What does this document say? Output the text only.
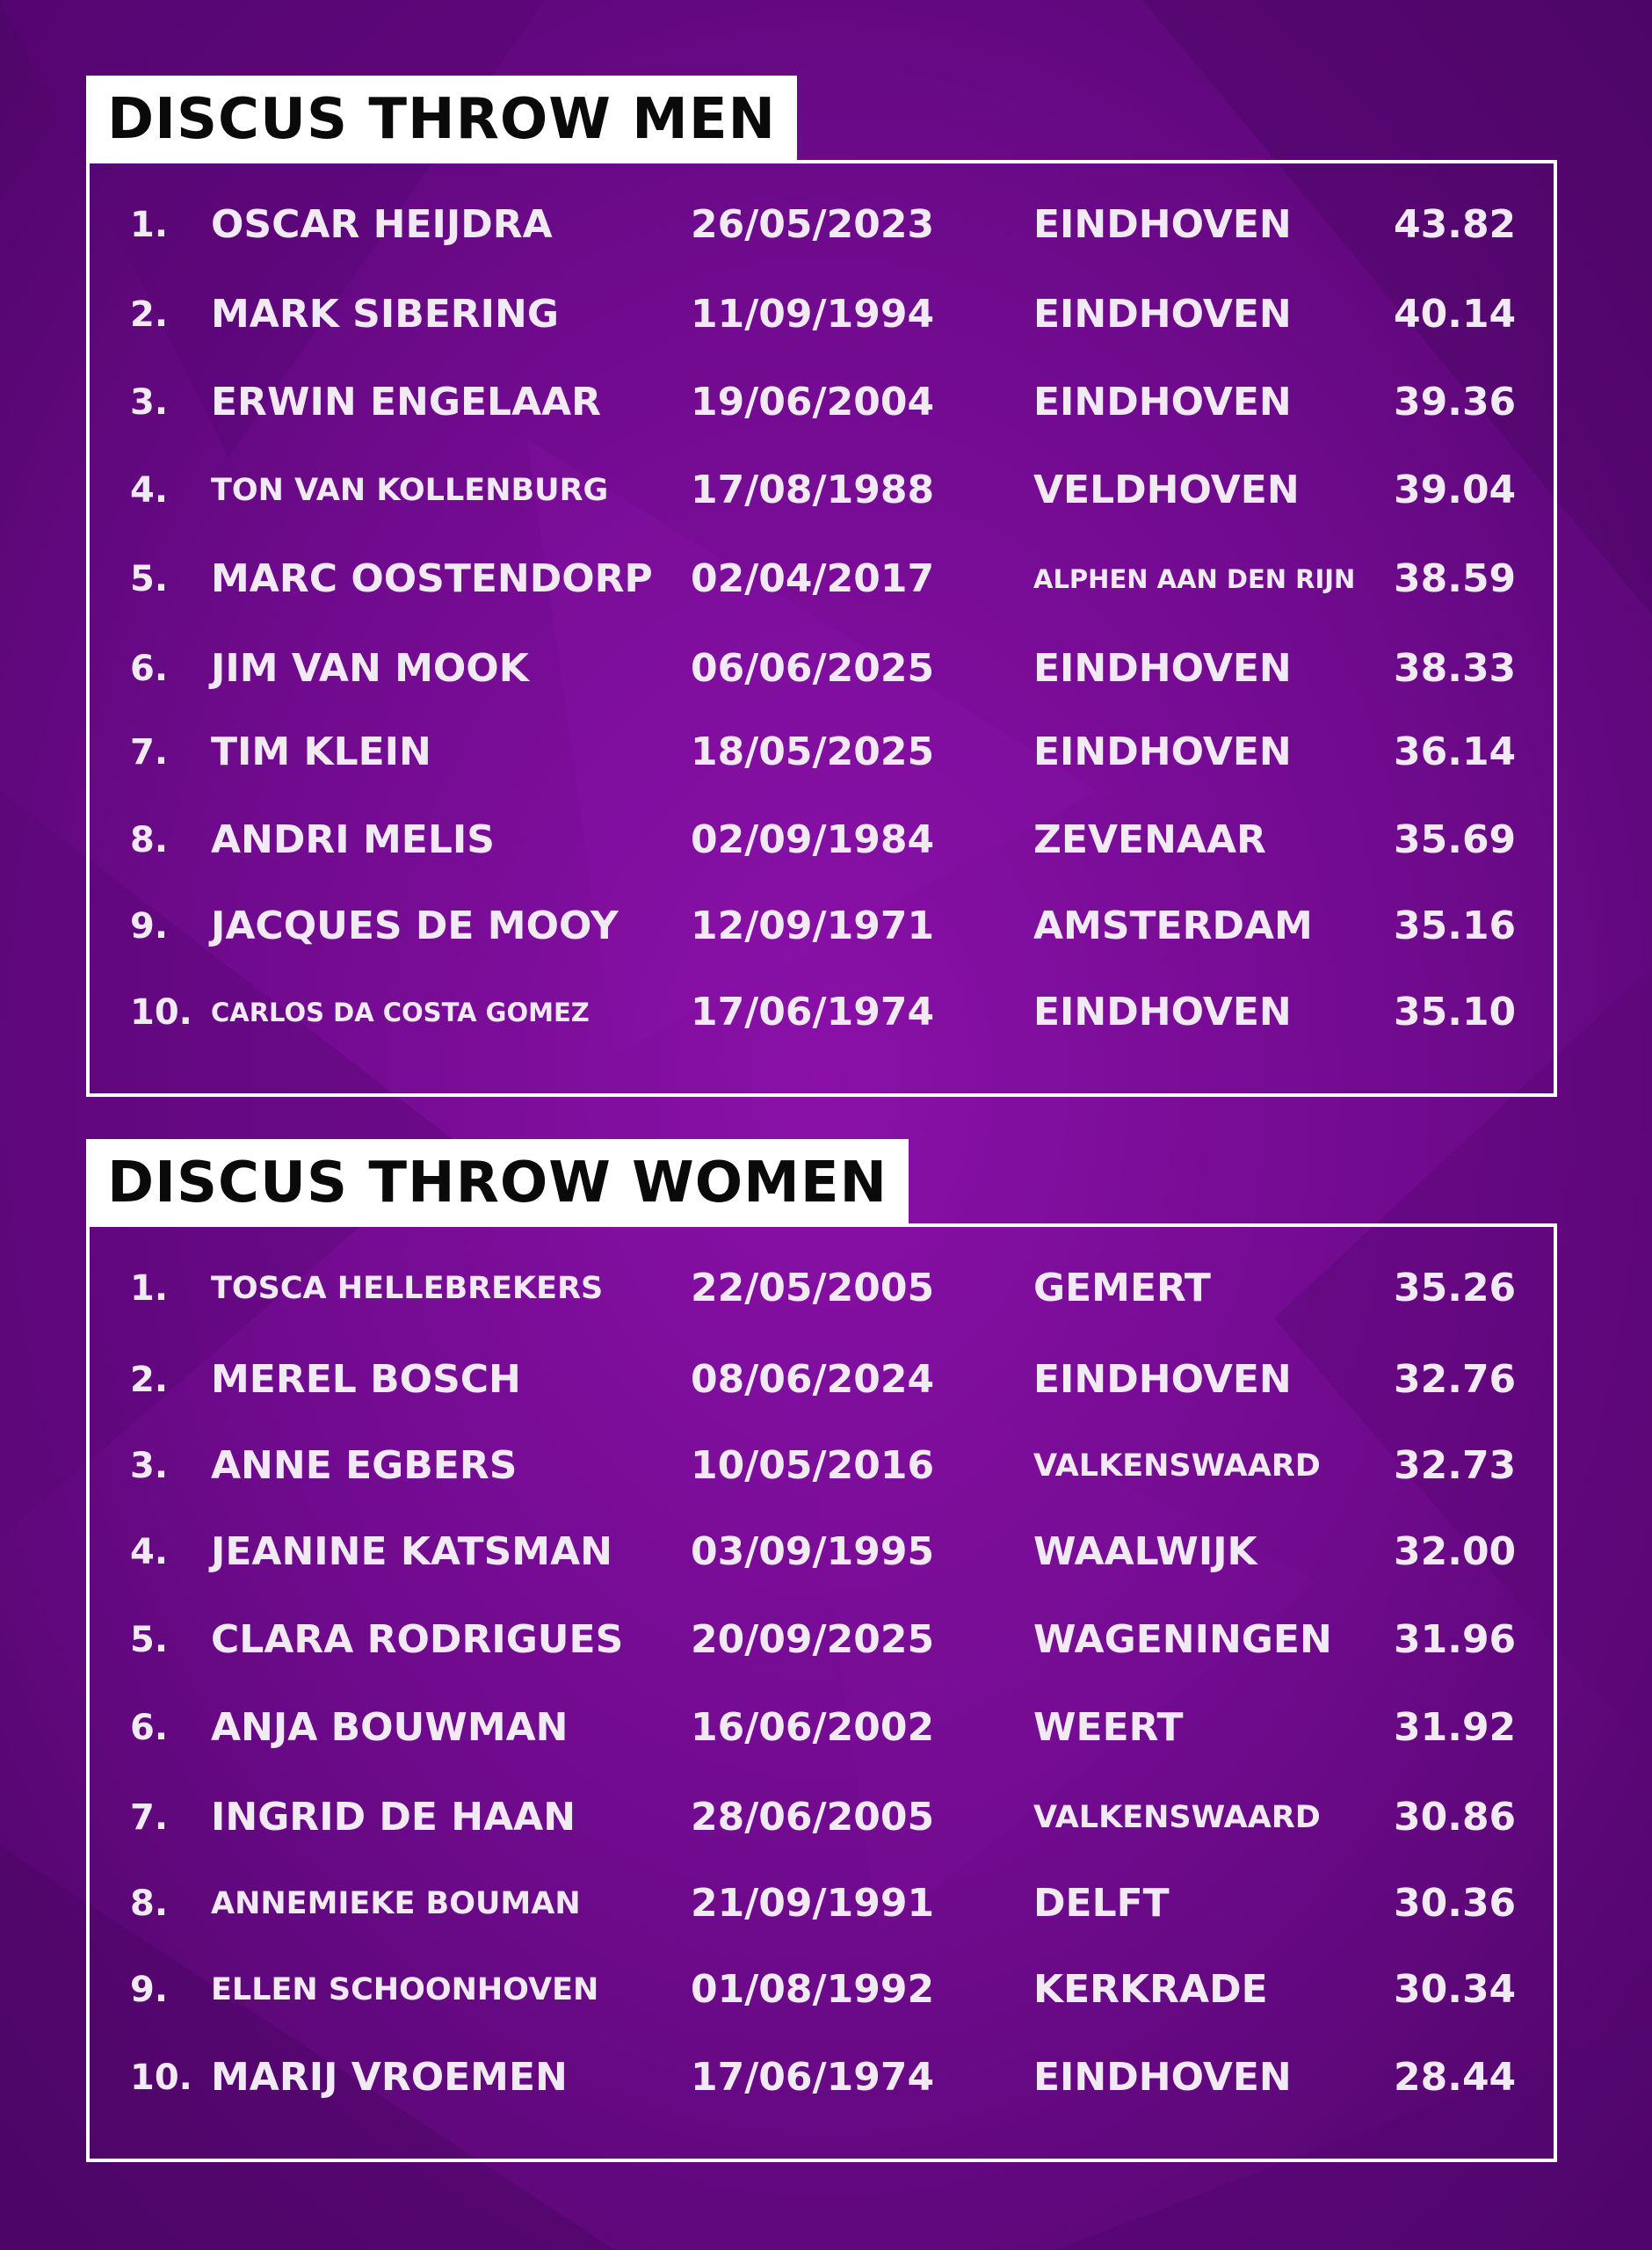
DISCUS THROW MEN
1.	OSCAR HEIJDRA	26/05/2023	EINDHOVEN	43.82
2.	MARK SIBERING	11/09/1994	EINDHOVEN	40.14
3.	ERWIN ENGELAAR 19/06/2004	EINDHOVEN	39.36
4.	TON VAN KOLLENBURG 17/08/1988	VELDHOVEN 39.04
5.	MARC OOSTENDORP 02/04/2017	ALPHEN AAN DEN RIJN 38.59
6.	JIM VAN MOOK	06/06/2025	EINDHOVEN	38.33
7.	TIM KLEIN	18/05/2025	EINDHOVEN	36.14
8.	ANDRI MELIS	02/09/1984	ZEVENAAR	35.69
9.	JACQUES DE MOOY 12/09/1971	AMSTERDAM 35.16
10. CARLOS DA COSTA GOMEZ	17/06/1974	EINDHOVEN	35.10
DISCUS THROW WOMEN
1.	TOSCA HELLEBREKERS 22/05/2005	GEMERT	35.26
2.	MEREL BOSCH	08/06/2024	EINDHOVEN	32.76
3.	ANNE EGBERS	10/05/2016	VALKENSWAARD 32.73
4.	JEANINE KATSMAN 03/09/1995	WAALWIJK	32.00
5.	CLARA RODRIGUES 20/09/2025	WAGENINGEN 31.96
6.	ANJA BOUWMAN	16/06/2002	WEERT	31.92
7.	INGRID DE HAAN	28/06/2005	VALKENSWAARD 30.86
8.	ANNEMIEKE BOUMAN	21/09/1991	DELFT	30.36
9.	ELLEN SCHOONHOVEN 01/08/1992	KERKRADE	30.34
10. MARIJ VROEMEN	17/06/1974	EINDHOVEN	28.44
